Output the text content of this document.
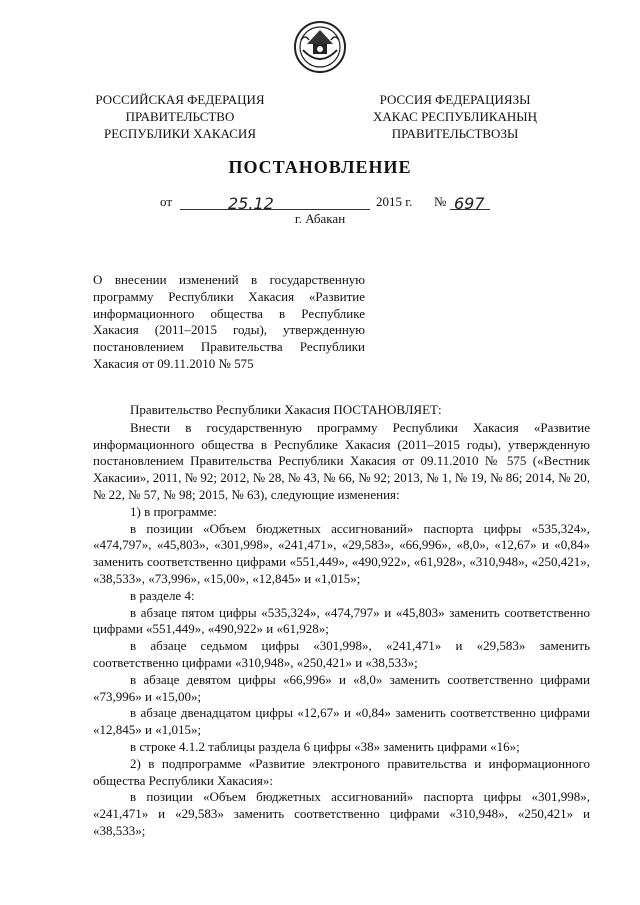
РОССИЙСКАЯ ФЕДЕРАЦИЯ
ПРАВИТЕЛЬСТВО
РЕСПУБЛИКИ ХАКАСИЯ
РОССИЯ ФЕДЕРАЦИЯЗЫ
ХАКАС РЕСПУБЛИКАНЫҢ
ПРАВИТЕЛЬСТВОЗЫ
ПОСТАНОВЛЕНИЕ
от	25.12	2015 г. № 697
г. Абакан
О внесении изменений в государственную
программу Республики Хакасия «Развитие
информационного общества в Республике
Хакасия (2011–2015 годы), утвержденную
постановлением Правительства Республики
Хакасия от 09.11.2010 № 575

Правительство Республики Хакасия ПОСТАНОВЛЯЕТ:

Внести в государственную программу Республики Хакасия «Развитие информационного общества в Республике Хакасия (2011–2015 годы), утвержденную постановлением Правительства Республики Хакасия от 09.11.2010 № 575 («Вестник Хакасии», 2011, № 92; 2012, № 28, № 43, № 66, № 92; 2013, № 1, № 19, № 86; 2014, № 20, № 22, № 57, № 98; 2015, № 63), следующие изменения:

1) в программе:

в позиции «Объем бюджетных ассигнований» паспорта цифры «535,324», «474,797», «45,803», «301,998», «241,471», «29,583», «66,996», «8,0», «12,67» и «0,84» заменить соответственно цифрами «551,449», «490,922», «61,928», «310,948», «250,421», «38,533», «73,996», «15,00», «12,845» и «1,015»;

в разделе 4:

в абзаце пятом цифры «535,324», «474,797» и «45,803» заменить соответственно цифрами «551,449», «490,922» и «61,928»;

в абзаце седьмом цифры «301,998», «241,471» и «29,583» заменить соответственно цифрами «310,948», «250,421» и «38,533»;

в абзаце девятом цифры «66,996» и «8,0» заменить соответственно цифрами «73,996» и «15,00»;

в абзаце двенадцатом цифры «12,67» и «0,84» заменить соответственно цифрами «12,845» и «1,015»;

в строке 4.1.2 таблицы раздела 6 цифры «38» заменить цифрами «16»;

2) в подпрограмме «Развитие электроного правительства и информационного общества Республики Хакасия»:

в позиции «Объем бюджетных ассигнований» паспорта цифры «301,998», «241,471» и «29,583» заменить соответственно цифрами «310,948», «250,421» и «38,533»;
